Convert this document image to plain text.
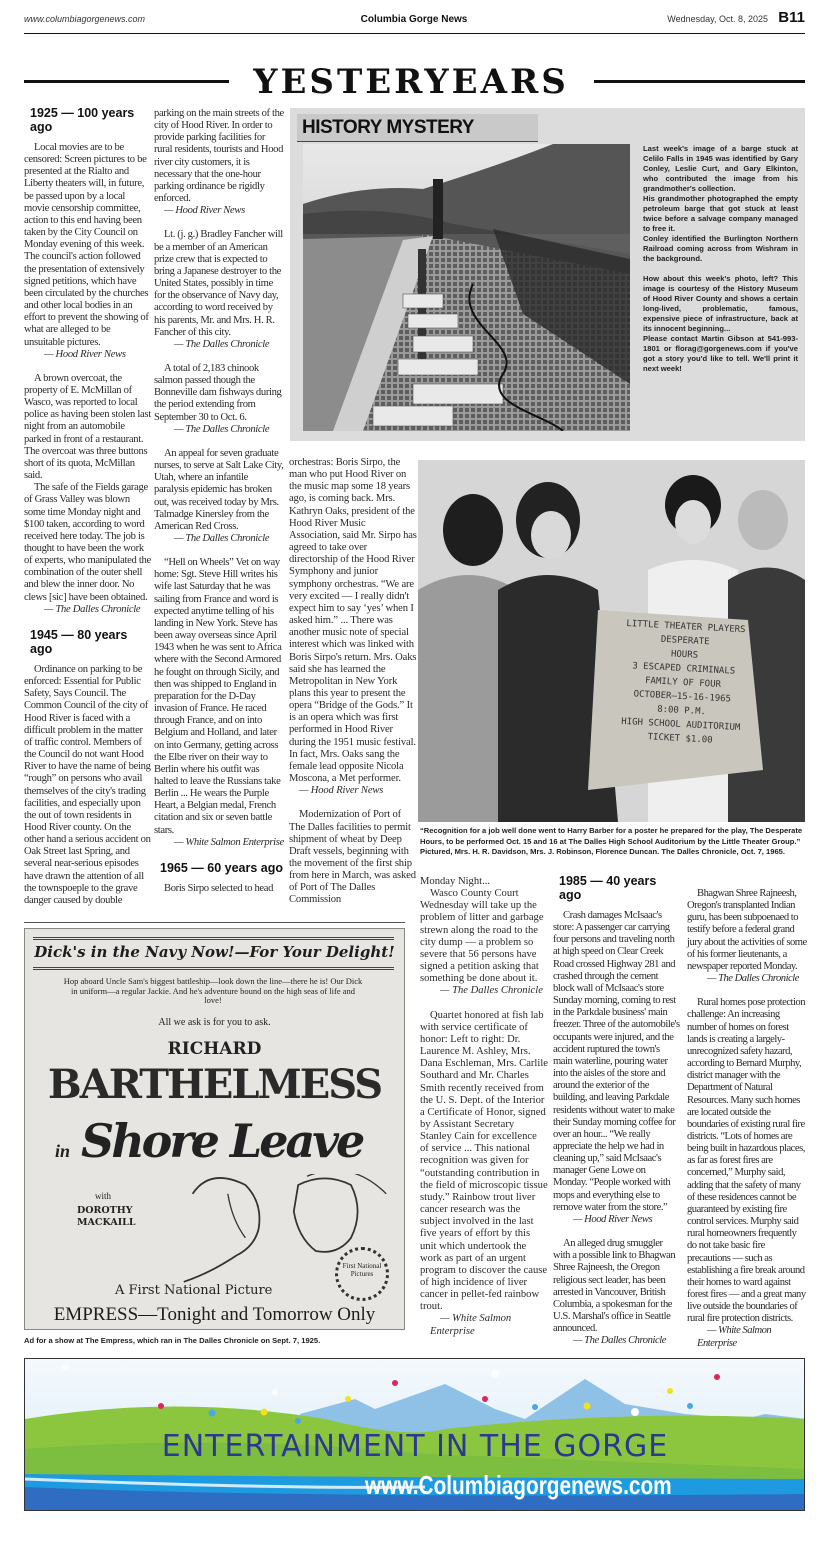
www.columbiagorgenews.com	Columbia Gorge News	Wednesday, Oct. 8, 2025 B11
YESTERYEARS
1925 — 100 years ago

Local movies are to be censored: Screen pictures to be presented at the Rialto and Liberty theaters will, in future, be passed upon by a local movie censorship committee, action to this end having been taken by the City Council on Monday evening of this week. The council's action followed the presentation of extensively signed petitions, which have been circulated by the churches and other local bodies in an effort to prevent the showing of what are alleged to be unsuitable pictures.
— Hood River News

A brown overcoat, the property of E. McMillan of Wasco, was reported to local police as having been stolen last night from an automobile parked in front of a restaurant. The overcoat was three buttons short of its quota, McMillan said.

The safe of the Fields garage of Grass Valley was blown some time Monday night and $100 taken, according to word received here today. The job is thought to have been the work of experts, who manipulated the combination of the outer shell and blew the inner door. No clews [sic] have been obtained.
— The Dalles Chronicle

1945 — 80 years ago

Ordinance on parking to be enforced: Essential for Public Safety, Says Council. The Common Council of the city of Hood River is faced with a difficult problem in the matter of traffic control. Members of the Council do not want Hood River to have the name of being “rough” on persons who avail themselves of the city's trading facilities, and especially upon the out of town residents in Hood River county. On the other hand a serious accident on Oak Street last Spring, and several near-serious episodes have drawn the attention of all the townspoeple to the grave danger caused by double

parking on the main streets of the city of Hood River. In order to provide parking facilities for rural residents, tourists and Hood river city customers, it is necessary that the one-hour parking ordinance be rigidly enforced.
— Hood River News

Lt. (j. g.) Bradley Fancher will be a member of an American prize crew that is expected to bring a Japanese destroyer to the United States, possibly in time for the observance of Navy day, according to word received by his parents, Mr. and Mrs. H. R. Fancher of this city.
— The Dalles Chronicle

A total of 2,183 chinook salmon passed though the Bonneville dam fishways during the period extending from September 30 to Oct. 6.
— The Dalles Chronicle

An appeal for seven graduate nurses, to serve at Salt Lake City, Utah, where an infantile paralysis epidemic has broken out, was received today by Mrs. Talmadge Kinersley from the American Red Cross.
— The Dalles Chronicle

“Hell on Wheels” Vet on way home: Sgt. Steve Hill writes his wife last Saturday that he was sailing from France and word is expected anytime telling of his landing in New York. Steve has been away overseas since April 1943 when he was sent to Africa where with the Second Armored he fought on through Sicily, and then was shipped to England in preparation for the D-Day invasion of France. He raced through France, and on into Belgium and Holland, and later on into Germany, getting across the Elbe river on their way to Berlin where his outfit was halted to leave the Russians take Berlin ... He wears the Purple Heart, a Belgian medal, French citation and six or seven battle stars.
— White Salmon Enterprise

1965 — 60 years ago

Boris Sirpo selected to head

orchestras: Boris Sirpo, the man who put Hood River on the music map some 18 years ago, is coming back. Mrs. Kathryn Oaks, president of the Hood River Music Association, said Mr. Sirpo has agreed to take over directorship of the Hood River Symphony and junior symphony orchestras. “We are very excited — I really didn't expect him to say ‘yes’ when I asked him.” ... There was another music note of special interest which was linked with Boris Sirpo's return. Mrs. Oaks said she has learned the Metropolitan in New York plans this year to present the opera “Bridge of the Gods.” It is an opera which was first performed in Hood River during the 1951 music festival. In fact, Mrs. Oaks sang the female lead opposite Nicola Moscona, a Met performer.
— Hood River News

Modernization of Port of The Dalles facilities to permit shipment of wheat by Deep Draft vessels, beginning with the movement of the first ship from here in March, was asked of Port of The Dalles Commission

Monday Night...

Wasco County Court Wednesday will take up the problem of litter and garbage strewn along the road to the city dump — a problem so severe that 56 persons have signed a petition asking that something be done about it.
— The Dalles Chronicle

Quartet honored at fish lab with service certificate of honor: Left to right: Dr. Laurence M. Ashley, Mrs. Dana Eschleman, Mrs. Carlile Southard and Mr. Charles Smith recently received from the U. S. Dept. of the Interior a Certificate of Honor, signed by Assistant Secretary Stanley Cain for excellence of service ... This national recognition was given for “outstanding contribution in the field of microscopic tissue study.” Rainbow trout liver cancer research was the subject involved in the last five years of effort by this unit which undertook the work as part of an urgent program to discover the cause of high incidence of liver cancer in pellet-fed rainbow trout.
— White Salmon Enterprise

1985 — 40 years ago

Crash damages McIsaac's store: A passenger car carrying four persons and traveling north at high speed on Clear Creek Road crossed Highway 281 and crashed through the cement block wall of McIsaac's store Sunday morning, coming to rest in the Parkdale business' main freezer. Three of the automobile's occupants were injured, and the accident ruptured the town's main waterline, pouring water into the aisles of the store and around the exterior of the building, and leaving Parkdale residents without water to make their Sunday morning coffee for over an hour... “We really appreciate the help we had in cleaning up,” said McIsaac's manager Gene Lowe on Monday. “People worked with mops and everything else to remove water from the store.”
— Hood River News

An alleged drug smuggler with a possible link to Bhagwan Shree Rajneesh, the Oregon religious sect leader, has been arrested in Vancouver, British Columbia, a spokesman for the U.S. Marshal's office in Seattle announced.
— The Dalles Chronicle

Bhagwan Shree Rajneesh, Oregon's transplanted Indian guru, has been subpoenaed to testify before a federal grand jury about the activities of some of his former lieutenants, a newspaper reported Monday.
— The Dalles Chronicle

Rural homes pose protection challenge: An increasing number of homes on forest lands is creating a largely-unrecognized safety hazard, according to Bernard Murphy, district manager with the Department of Natural Resources. Many such homes are located outside the boundaries of existing rural fire districts. “Lots of homes are being built in hazardous places, as far as forest fires are concerned,” Murphy said, adding that the safety of many of these residences cannot be guaranteed by existing fire control services. Murphy said rural homeowners frequently do not take basic fire precautions — such as establishing a fire break around their homes to ward against forest fires — and a great many live outside the boundaries of rural fire protection districts.
— White Salmon Enterprise

HISTORY MYSTERY

Last week's image of a barge stuck at Celilo Falls in 1945 was identified by Gary Conley, Leslie Curt, and Gary Elkinton, who contributed the image from his grandmother's collection.

His grandmother photographed the empty petroleum barge that got stuck at least twice before a salvage company managed to free it.

Conley identified the Burlington Northern Railroad coming across from Wishram in the background.

How about this week's photo, left? This image is courtesy of the History Museum of Hood River County and shows a certain long-lived, problematic, famous, expensive piece of infrastructure, back at its innocent beginning...

Please contact Martin Gibson at 541-993-1801 or florag@gorgenews.com if you've got a story you'd like to tell. We'll print it next week!

LITTLE THEATER PLAYERS
DESPERATE
HOURS
3 ESCAPED CRIMINALS
FAMILY OF FOUR
OCTOBER—15-16-1965
8:00 P.M.
HIGH SCHOOL AUDITORIUM
TICKET $1.00
“Recognition for a job well done went to Harry Barber for a poster he prepared for the play, The Desperate Hours, to be performed Oct. 15 and 16 at The Dalles High School Auditorium by the Little Theater Group.” Pictured, Mrs. H. R. Davidson, Mrs. J. Robinson, Florence Duncan. The Dalles Chronicle, Oct. 7, 1965.
Dick's in the Navy Now!—For Your Delight!
Hop aboard Uncle Sam's biggest battleship—look down the line—there he is! Our Dick in uniform—a regular Jackie. And he's adventure bound on the high seas of life and love!
All we ask is for you to ask.
RICHARD
BARTHELMESS
in Shore Leave
with
DOROTHY MACKAILL
A First National Picture
First National Pictures
EMPRESS—Tonight and Tomorrow Only
Ad for a show at The Empress, which ran in The Dalles Chronicle on Sept. 7, 1925.
ENTERTAINMENT IN THE GORGE
www.Columbiagorgenews.com
